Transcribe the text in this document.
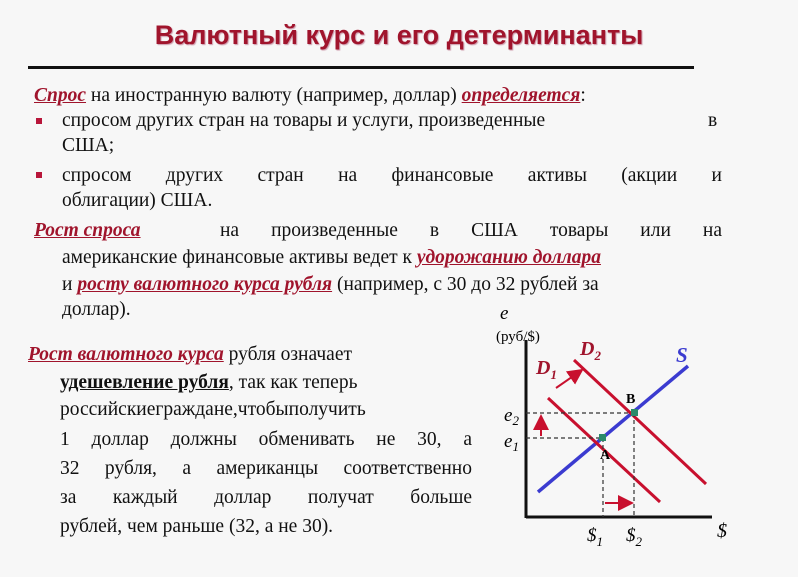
Валютный курс и его детерминанты
Спрос на иностранную валюту (например, доллар) определяется:
спросом других стран на товары и услуги, произведенные	в
США;
спросом других стран на финансовые активы (акции и
облигации) США.
Рост спроса	на произведенные в США товары или на
американские финансовые активы ведет к удорожанию доллара
и росту валютного курса рубля (например, с 30 до 32 рублей за
доллар).
Рост валютного курса рубля означает
удешевление рубля, так как теперь
российскиеграждане,чтобыполучить
1 доллар должны обменивать не 30, а
32 рубля, а американцы соответственно
за каждый доллар получат больше
рублей, чем раньше (32, а не 30).
e
(руб/$)
$
$D_1$
$D_2$	S
B
A
$e_2$
$e_1$
$\$_1$ $\$_2$
